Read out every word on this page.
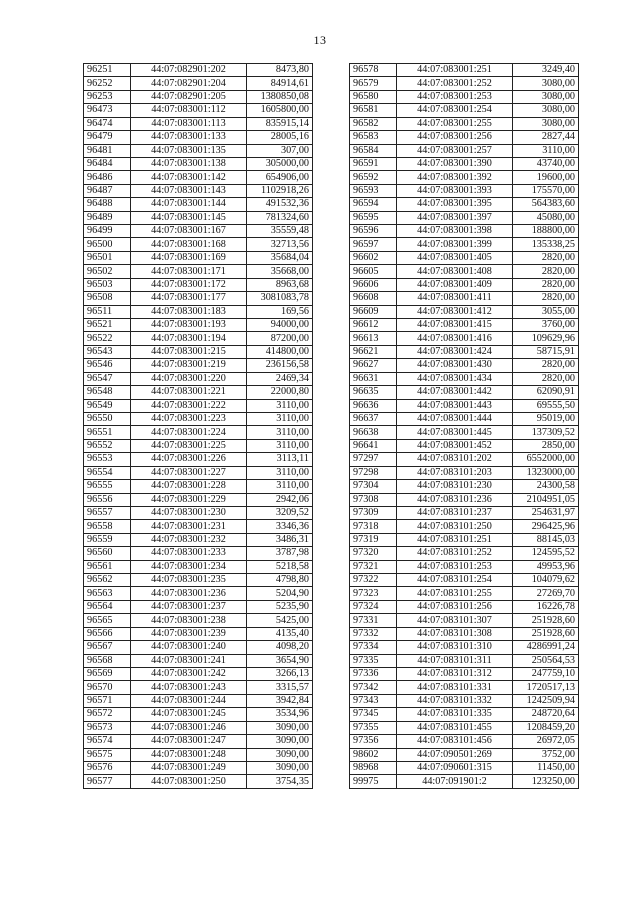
13
96251	44:07:082901:202	8473,80
96252	44:07:082901:204	84914,61
96253	44:07:082901:205	1380850,08
96473	44:07:083001:112	1605800,00
96474	44:07:083001:113	835915,14
96479	44:07:083001:133	28005,16
96481	44:07:083001:135	307,00
96484	44:07:083001:138	305000,00
96486	44:07:083001:142	654906,00
96487	44:07:083001:143	1102918,26
96488	44:07:083001:144	491532,36
96489	44:07:083001:145	781324,60
96499	44:07:083001:167	35559,48
96500	44:07:083001:168	32713,56
96501	44:07:083001:169	35684,04
96502	44:07:083001:171	35668,00
96503	44:07:083001:172	8963,68
96508	44:07:083001:177	3081083,78
96511	44:07:083001:183	169,56
96521	44:07:083001:193	94000,00
96522	44:07:083001:194	87200,00
96543	44:07:083001:215	414800,00
96546	44:07:083001:219	236156,58
96547	44:07:083001:220	2469,34
96548	44:07:083001:221	22000,80
96549	44:07:083001:222	3110,00
96550	44:07:083001:223	3110,00
96551	44:07:083001:224	3110,00
96552	44:07:083001:225	3110,00
96553	44:07:083001:226	3113,11
96554	44:07:083001:227	3110,00
96555	44:07:083001:228	3110,00
96556	44:07:083001:229	2942,06
96557	44:07:083001:230	3209,52
96558	44:07:083001:231	3346,36
96559	44:07:083001:232	3486,31
96560	44:07:083001:233	3787,98
96561	44:07:083001:234	5218,58
96562	44:07:083001:235	4798,80
96563	44:07:083001:236	5204,90
96564	44:07:083001:237	5235,90
96565	44:07:083001:238	5425,00
96566	44:07:083001:239	4135,40
96567	44:07:083001:240	4098,20
96568	44:07:083001:241	3654,90
96569	44:07:083001:242	3266,13
96570	44:07:083001:243	3315,57
96571	44:07:083001:244	3942,84
96572	44:07:083001:245	3534,96
96573	44:07:083001:246	3090,00
96574	44:07:083001:247	3090,00
96575	44:07:083001:248	3090,00
96576	44:07:083001:249	3090,00
96577	44:07:083001:250	3754,35
96578	44:07:083001:251	3249,40
96579	44:07:083001:252	3080,00
96580	44:07:083001:253	3080,00
96581	44:07:083001:254	3080,00
96582	44:07:083001:255	3080,00
96583	44:07:083001:256	2827,44
96584	44:07:083001:257	3110,00
96591	44:07:083001:390	43740,00
96592	44:07:083001:392	19600,00
96593	44:07:083001:393	175570,00
96594	44:07:083001:395	564383,60
96595	44:07:083001:397	45080,00
96596	44:07:083001:398	188800,00
96597	44:07:083001:399	135338,25
96602	44:07:083001:405	2820,00
96605	44:07:083001:408	2820,00
96606	44:07:083001:409	2820,00
96608	44:07:083001:411	2820,00
96609	44:07:083001:412	3055,00
96612	44:07:083001:415	3760,00
96613	44:07:083001:416	109629,96
96621	44:07:083001:424	58715,91
96627	44:07:083001:430	2820,00
96631	44:07:083001:434	2820,00
96635	44:07:083001:442	62090,91
96636	44:07:083001:443	69555,50
96637	44:07:083001:444	95019,00
96638	44:07:083001:445	137309,52
96641	44:07:083001:452	2850,00
97297	44:07:083101:202	6552000,00
97298	44:07:083101:203	1323000,00
97304	44:07:083101:230	24300,58
97308	44:07:083101:236	2104951,05
97309	44:07:083101:237	254631,97
97318	44:07:083101:250	296425,96
97319	44:07:083101:251	88145,03
97320	44:07:083101:252	124595,52
97321	44:07:083101:253	49953,96
97322	44:07:083101:254	104079,62
97323	44:07:083101:255	27269,70
97324	44:07:083101:256	16226,78
97331	44:07:083101:307	251928,60
97332	44:07:083101:308	251928,60
97334	44:07:083101:310	4286991,24
97335	44:07:083101:311	250564,53
97336	44:07:083101:312	247759,10
97342	44:07:083101:331	1720517,13
97343	44:07:083101:332	1242509,94
97345	44:07:083101:335	248720,64
97355	44:07:083101:455	1208459,20
97356	44:07:083101:456	26972,05
98602	44:07:090501:269	3752,00
98968	44:07:090601:315	11450,00
99975	44:07:091901:2	123250,00
